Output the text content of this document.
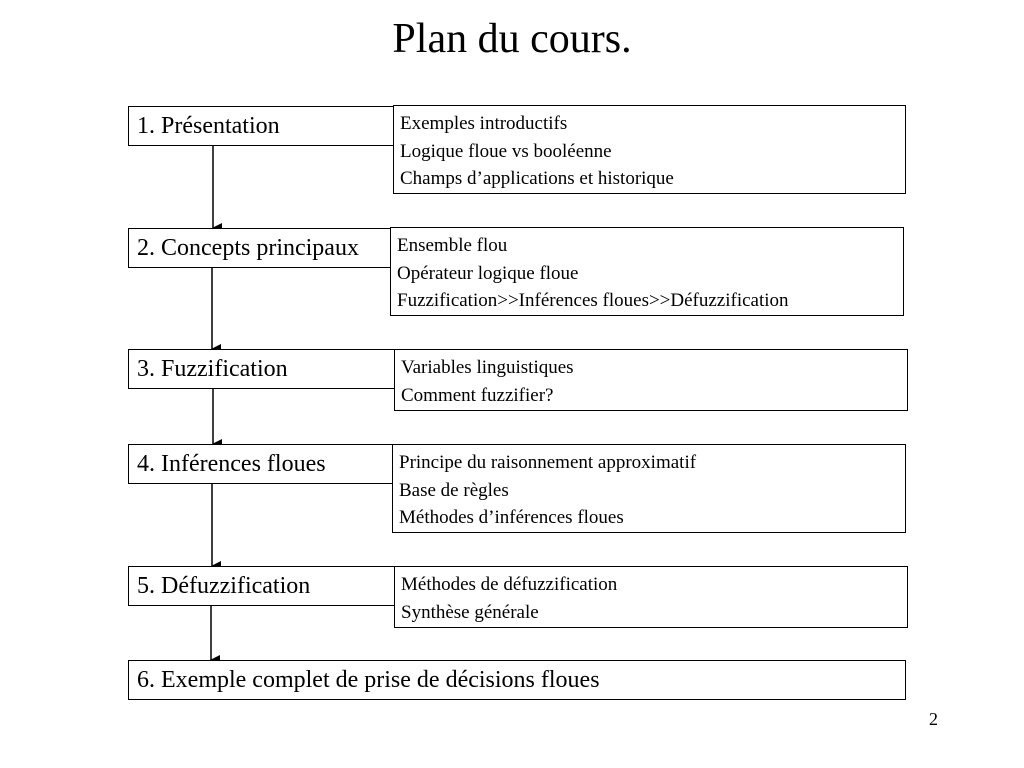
Plan du cours.
1. Présentation	Exemples introductifs
Logique floue vs booléenne
Champs d’applications et historique
2. Concepts principaux Ensemble flou
Opérateur logique floue
Fuzzification>>Inférences floues>>Défuzzification
3. Fuzzification	Variables linguistiques
Comment fuzzifier?
4. Inférences floues	Principe du raisonnement approximatif
Base de règles
Méthodes d’inférences floues
5. Défuzzification	Méthodes de défuzzification
Synthèse générale
6. Exemple complet de prise de décisions floues
2
